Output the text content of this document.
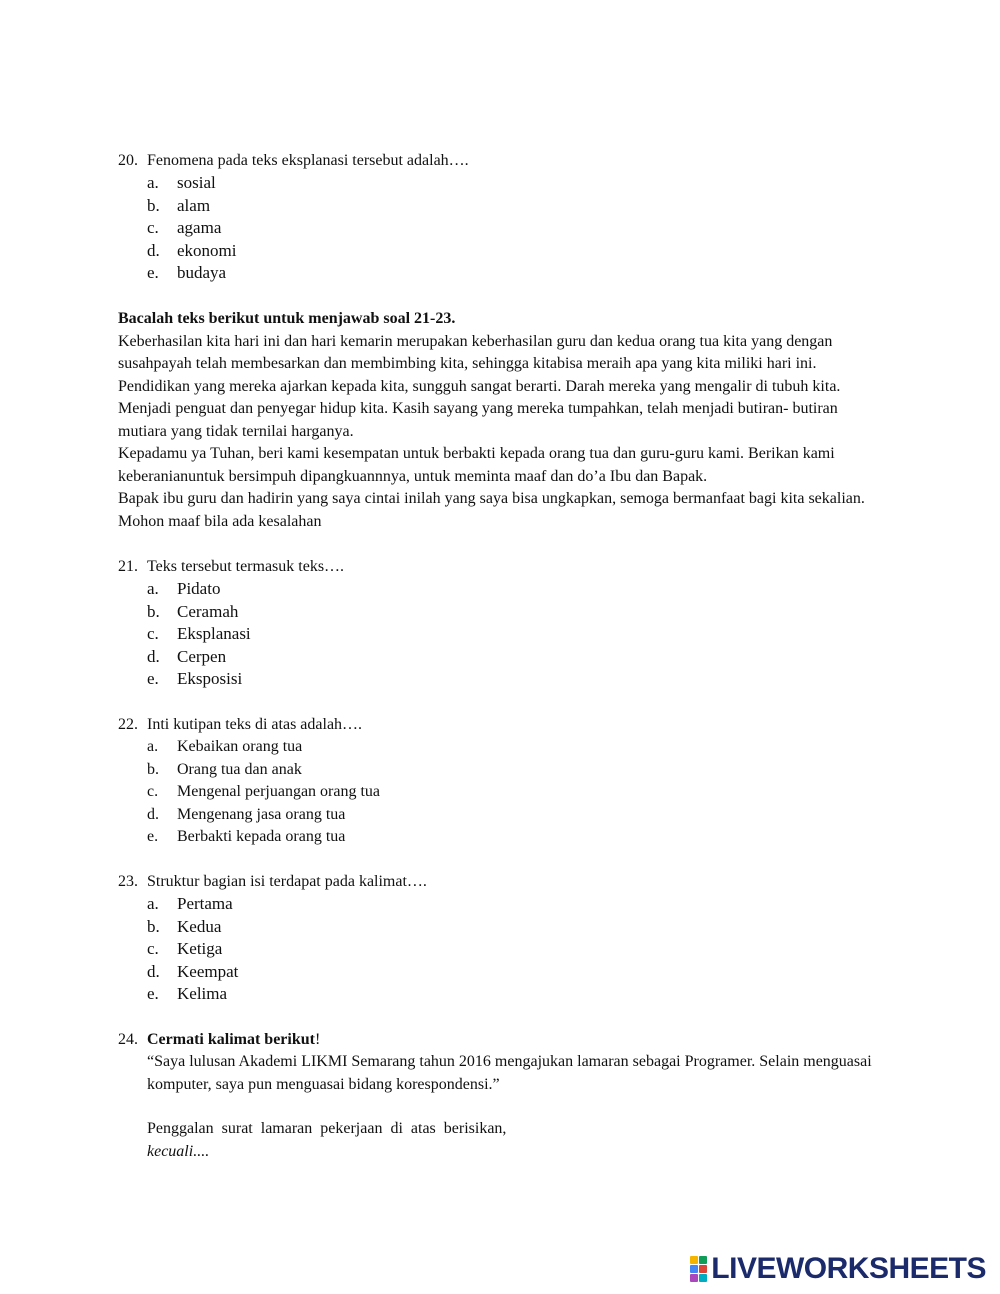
20. Fenomena pada teks eksplanasi tersebut adalah….
a.	sosial
b.	alam
c.	agama
d.	ekonomi
e.	budaya

Bacalah teks berikut untuk menjawab soal 21-23.

Keberhasilan kita hari ini dan hari kemarin merupakan keberhasilan guru dan kedua orang tua kita yang dengan susahpayah telah membesarkan dan membimbing kita, sehingga kitabisa meraih apa yang kita miliki hari ini. Pendidikan yang mereka ajarkan kepada kita, sungguh sangat berarti. Darah mereka yang mengalir di tubuh kita. Menjadi penguat dan penyegar hidup kita. Kasih sayang yang mereka tumpahkan, telah menjadi butiran- butiran mutiara yang tidak ternilai harganya.

Kepadamu ya Tuhan, beri kami kesempatan untuk berbakti kepada orang tua dan guru-guru kami. Berikan kami keberanianuntuk bersimpuh dipangkuannnya, untuk meminta maaf dan do’a Ibu dan Bapak.

Bapak ibu guru dan hadirin yang saya cintai inilah yang saya bisa ungkapkan, semoga bermanfaat bagi kita sekalian.

Mohon maaf bila ada kesalahan

21. Teks tersebut termasuk teks….
a.	Pidato
b.	Ceramah
c.	Eksplanasi
d.	Cerpen
e.	Eksposisi
22. Inti kutipan teks di atas adalah….
a.	Kebaikan orang tua
b.	Orang tua dan anak
c.	Mengenal perjuangan orang tua
d.	Mengenang jasa orang tua
e.	Berbakti kepada orang tua
23. Struktur bagian isi terdapat pada kalimat….
a.	Pertama
b.	Kedua
c.	Ketiga
d.	Keempat
e.	Kelima
24. Cermati kalimat berikut!
“Saya lulusan Akademi LIKMI Semarang tahun 2016 mengajukan lamaran sebagai Programer. Selain menguasai komputer, saya pun menguasai bidang korespondensi.”
Penggalan surat lamaran pekerjaan di atas berisikan,
kecuali....
LIVEWORKSHEETS
